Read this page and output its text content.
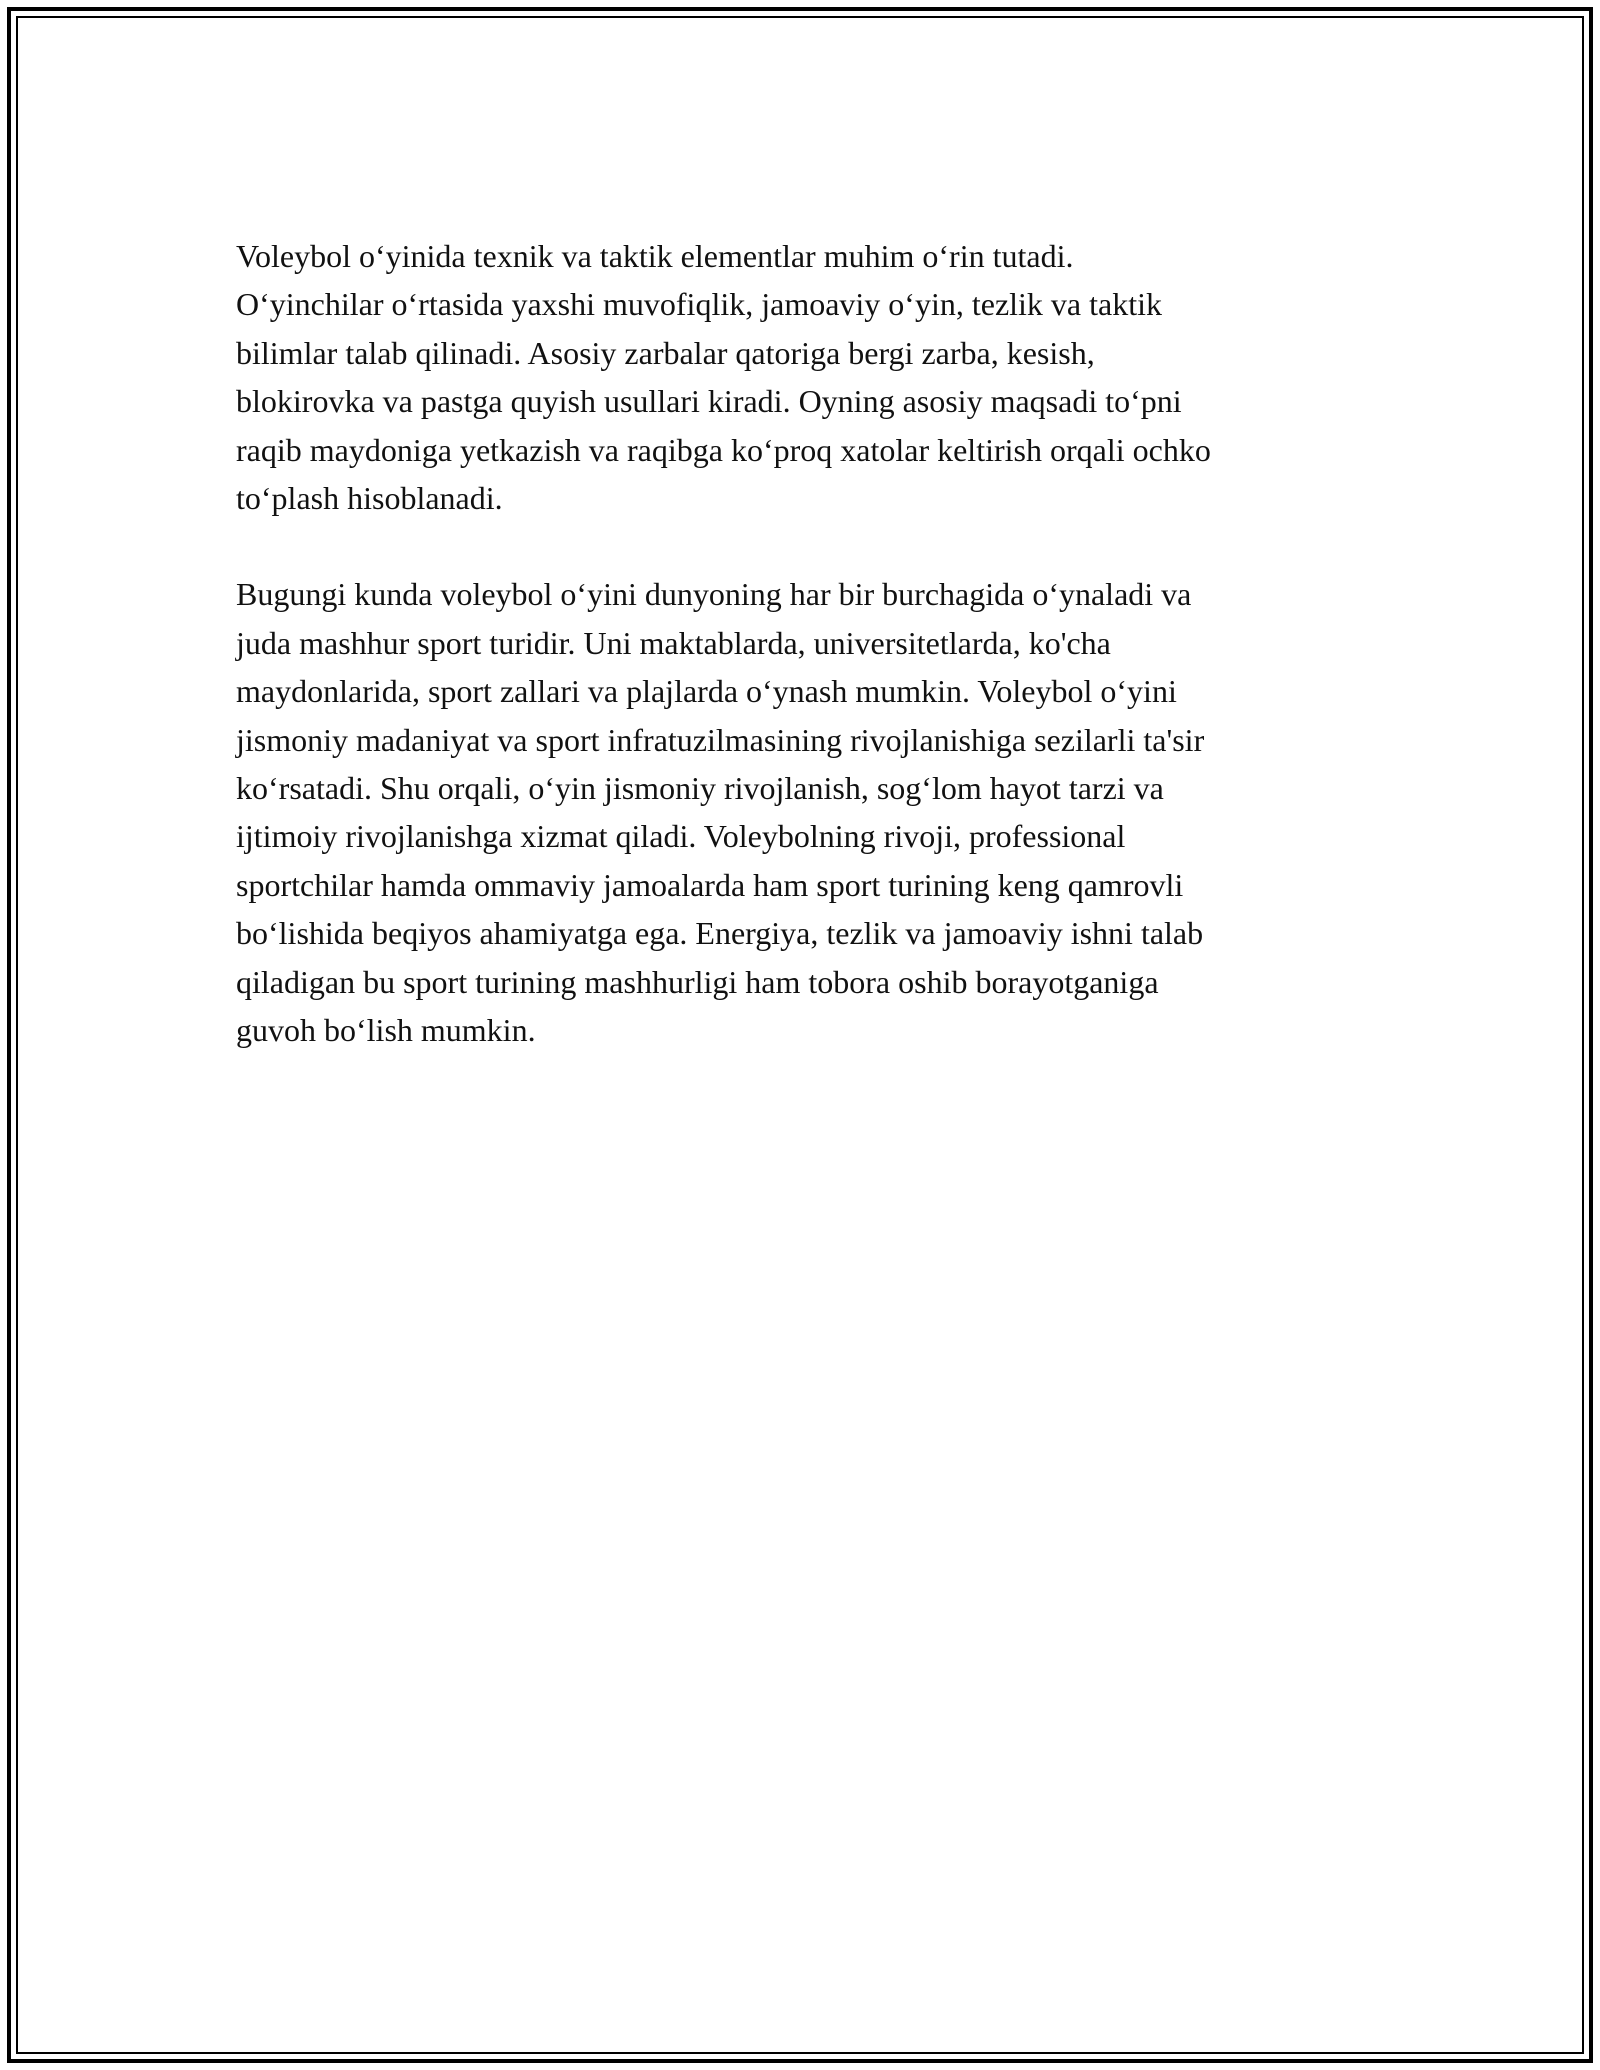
Voleybol o‘yinida texnik va taktik elementlar muhim o‘rin tutadi.
O‘yinchilar o‘rtasida yaxshi muvofiqlik, jamoaviy o‘yin, tezlik va taktik
bilimlar talab qilinadi. Asosiy zarbalar qatoriga bergi zarba, kesish,
blokirovka va pastga quyish usullari kiradi. Oyning asosiy maqsadi to‘pni
raqib maydoniga yetkazish va raqibga ko‘proq xatolar keltirish orqali ochko
to‘plash hisoblanadi.

Bugungi kunda voleybol o‘yini dunyoning har bir burchagida o‘ynaladi va
juda mashhur sport turidir. Uni maktablarda, universitetlarda, ko'cha
maydonlarida, sport zallari va plajlarda o‘ynash mumkin. Voleybol o‘yini
jismoniy madaniyat va sport infratuzilmasining rivojlanishiga sezilarli ta'sir
ko‘rsatadi. Shu orqali, o‘yin jismoniy rivojlanish, sog‘lom hayot tarzi va
ijtimoiy rivojlanishga xizmat qiladi. Voleybolning rivoji, professional
sportchilar hamda ommaviy jamoalarda ham sport turining keng qamrovli
bo‘lishida beqiyos ahamiyatga ega. Energiya, tezlik va jamoaviy ishni talab
qiladigan bu sport turining mashhurligi ham tobora oshib borayotganiga
guvoh bo‘lish mumkin.
